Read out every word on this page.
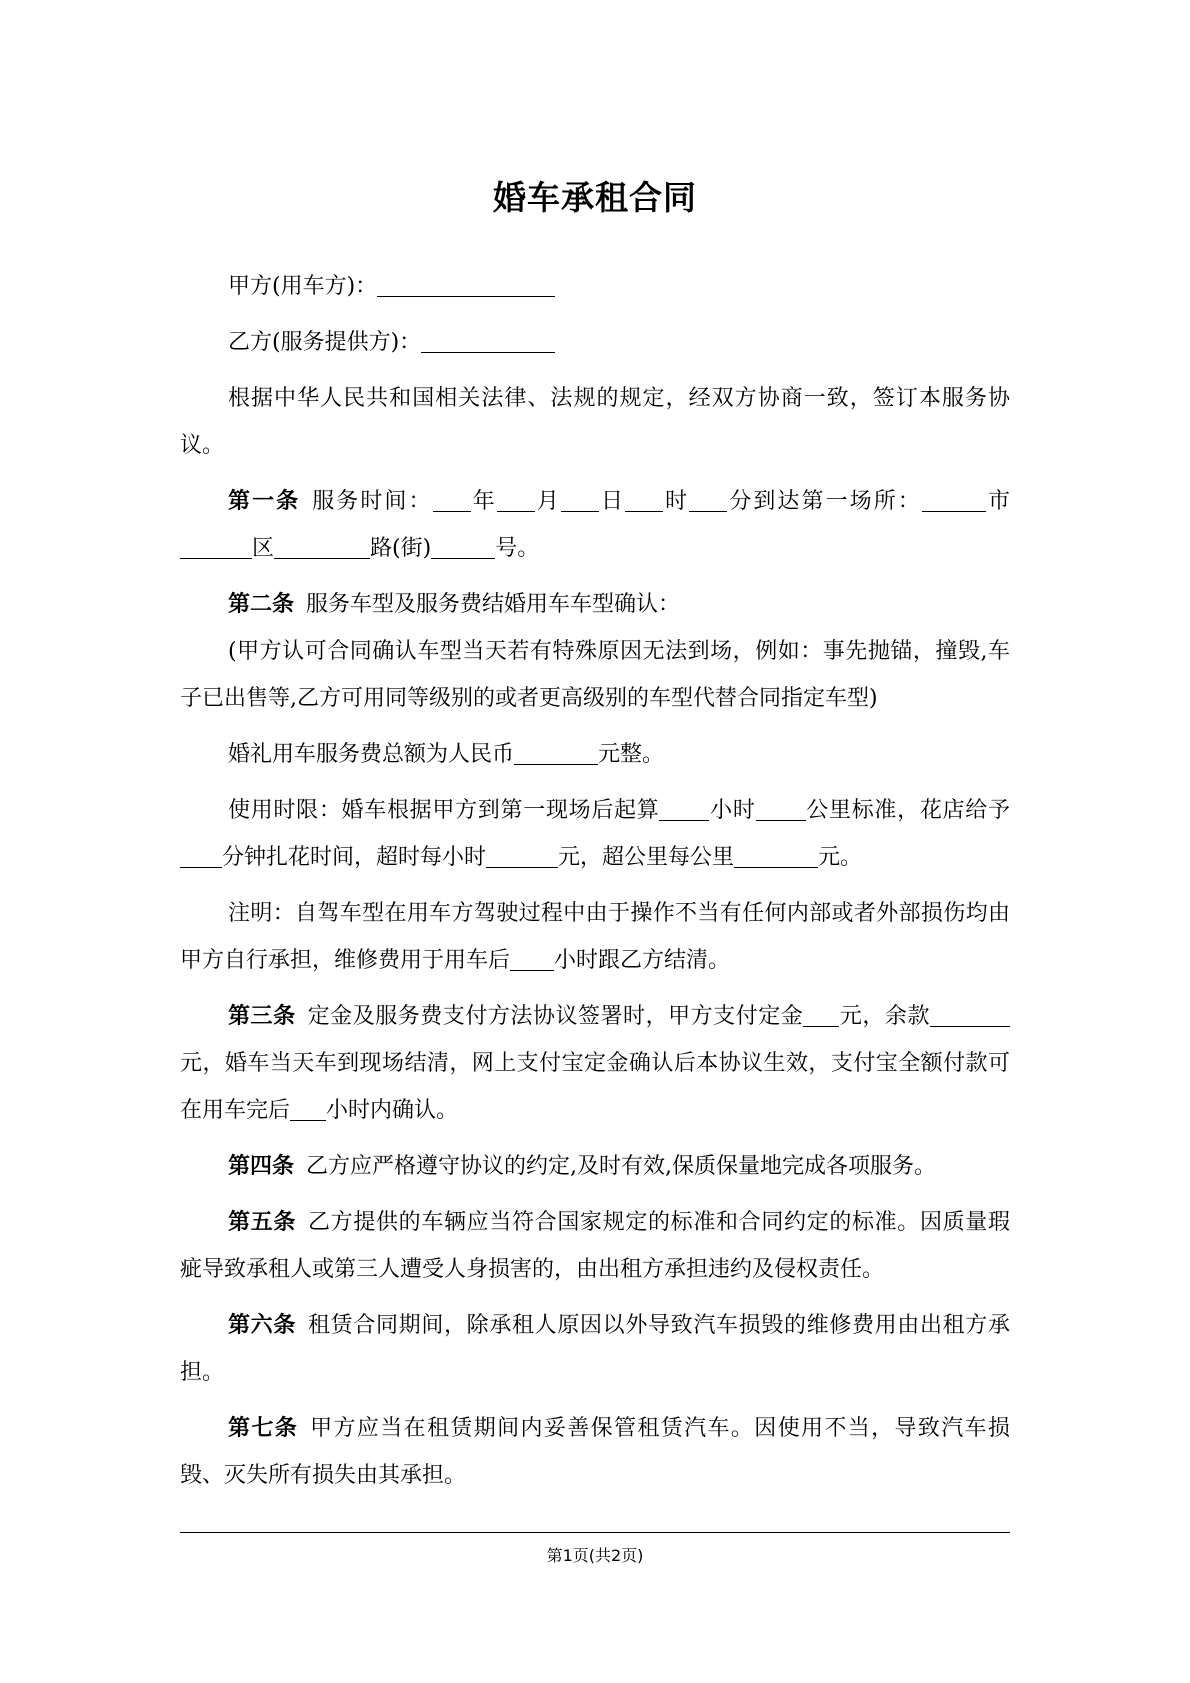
婚车承租合同

甲方(用车方)：

乙方(服务提供方)：

根据中华人民共和国相关法律、法规的规定，经双方协商一致，签订本服务协议。

第一条 服务时间： 年 月 日 时 分到达第一场所：	市区	路(街)	号。

第二条 服务车型及服务费结婚用车车型确认：

(甲方认可合同确认车型当天若有特殊原因无法到场，例如：事先抛锚，撞毁,车子已出售等,乙方可用同等级别的或者更高级别的车型代替合同指定车型)

婚礼用车服务费总额为人民币	元整。

使用时限：婚车根据甲方到第一现场后起算 小时 公里标准，花店给予分钟扎花时间，超时每小时	元，超公里每公里	元。

注明：自驾车型在用车方驾驶过程中由于操作不当有任何内部或者外部损伤均由甲方自行承担，维修费用于用车后 小时跟乙方结清。

第三条 定金及服务费支付方法协议签署时，甲方支付定金 元，余款元，婚车当天车到现场结清，网上支付宝定金确认后本协议生效，支付宝全额付款可在用车完后 小时内确认。

第四条 乙方应严格遵守协议的约定,及时有效,保质保量地完成各项服务。

第五条 乙方提供的车辆应当符合国家规定的标准和合同约定的标准。因质量瑕疵导致承租人或第三人遭受人身损害的，由出租方承担违约及侵权责任。

第六条 租赁合同期间，除承租人原因以外导致汽车损毁的维修费用由出租方承担。

第七条 甲方应当在租赁期间内妥善保管租赁汽车。因使用不当，导致汽车损毁、灭失所有损失由其承担。

第1页(共2页)
